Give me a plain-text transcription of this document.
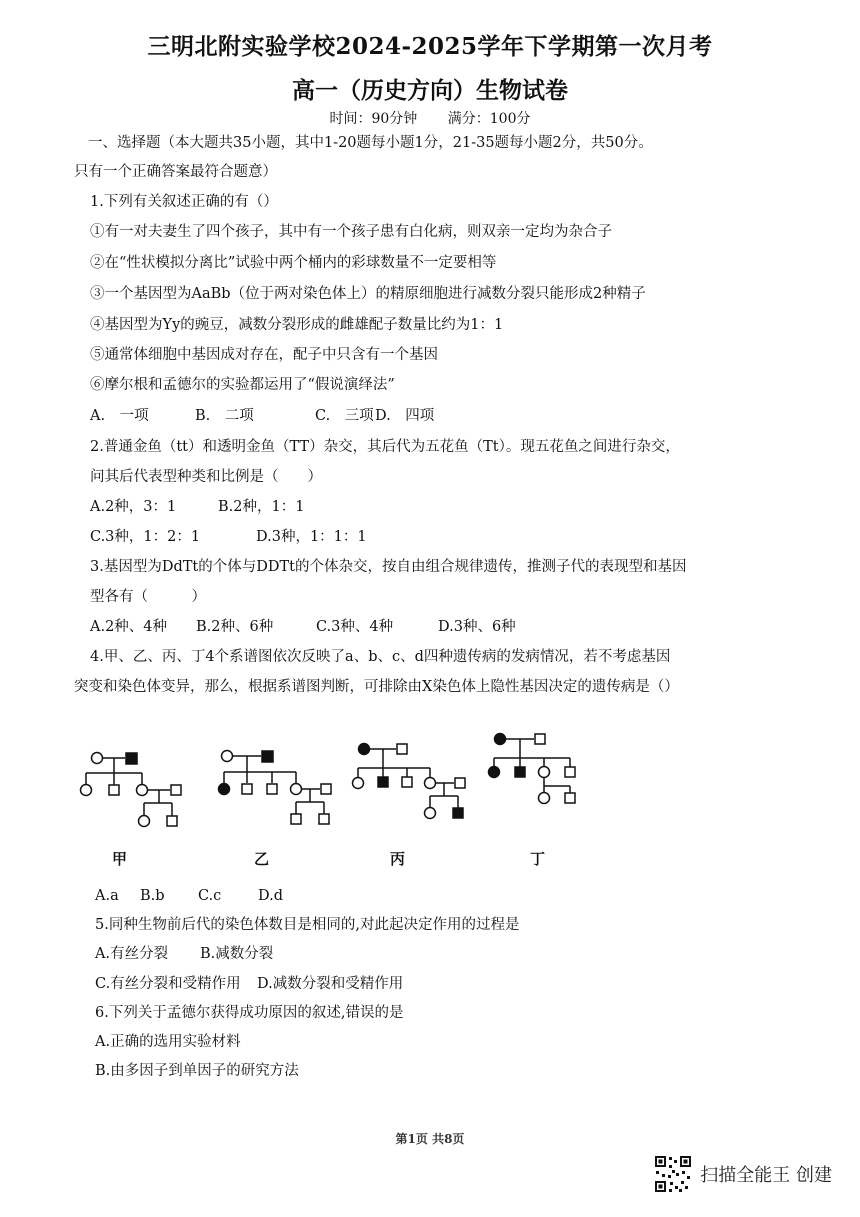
三明北附实验学校2024-2025学年下学期第一次月考
高一（历史方向）生物试卷
时间：90分钟 满分：100分
一、选择题（本大题共35小题，其中1-20题每小题1分，21-35题每小题2分，共50分。
只有一个正确答案最符合题意）
1.下列有关叙述正确的有（）
①有一对夫妻生了四个孩子，其中有一个孩子患有白化病，则双亲一定均为杂合子
②在“性状模拟分离比”试验中两个桶内的彩球数量不一定要相等
③一个基因型为AaBb（位于两对染色体上）的精原细胞进行减数分裂只能形成2种精子
④基因型为Yy的豌豆，减数分裂形成的雌雄配子数量比约为1：1
⑤通常体细胞中基因成对存在，配子中只含有一个基因
⑥摩尔根和孟德尔的实验都运用了“假说演绎法”
A.　一项	B.　二项	C.　三项D.　四项
2.普通金鱼（tt）和透明金鱼（TT）杂交，其后代为五花鱼（Tt）。现五花鱼之间进行杂交，
问其后代表型种类和比例是（　　）
A.2种，3：1	B.2种，1：1
C.3种，1：2：1	D.3种，1：1：1
3.基因型为DdTt的个体与DDTt的个体杂交，按自由组合规律遗传，推测子代的表现型和基因
型各有（　　　）
A.2种、4种 B.2种、6种	C.3种、4种	D.3种、6种
4.甲、乙、丙、丁4个系谱图依次反映了a、b、c、d四种遗传病的发病情况，若不考虑基因
突变和染色体变异，那么，根据系谱图判断，可排除由X染色体上隐性基因决定的遗传病是（）
甲	乙	丙	丁
A.a B.b C.c	D.d
5.同种生物前后代的染色体数目是相同的,对此起决定作用的过程是
A.有丝分裂 B.减数分裂
C.有丝分裂和受精作用 D.减数分裂和受精作用
6.下列关于孟德尔获得成功原因的叙述,错误的是
A.正确的选用实验材料
B.由多因子到单因子的研究方法
第1页 共8页
扫描全能王 创建
